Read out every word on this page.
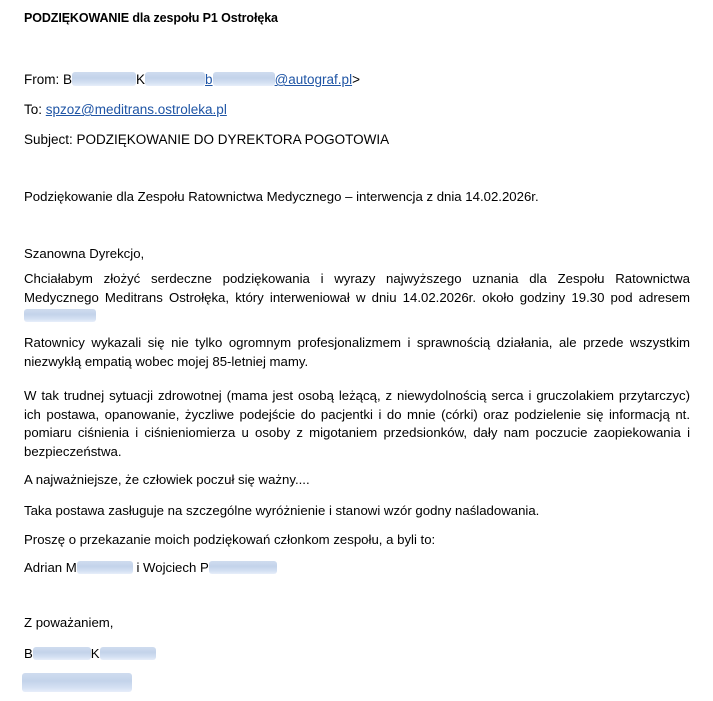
PODZIĘKOWANIE dla zespołu P1 Ostrołęka
From: B	K	b	@autograf.pl>
To: spzoz@meditrans.ostroleka.pl
Subject: PODZIĘKOWANIE DO DYREKTORA POGOTOWIA
Podziękowanie dla Zespołu Ratownictwa Medycznego – interwencja z dnia 14.02.2026r.
Szanowna Dyrekcjo,
Chciałabym złożyć serdeczne podziękowania i wyrazy najwyższego uznania dla Zespołu Ratownictwa Medycznego Meditrans Ostrołęka, który interweniował w dniu 14.02.2026r. około godziny 19.30 pod adresem
Ratownicy wykazali się nie tylko ogromnym profesjonalizmem i sprawnością działania, ale przede wszystkim niezwykłą empatią wobec mojej 85-letniej mamy.
W tak trudnej sytuacji zdrowotnej (mama jest osobą leżącą, z niewydolnością serca i gruczolakiem przytarczyc) ich postawa, opanowanie, życzliwe podejście do pacjentki i do mnie (córki) oraz podzielenie się informacją nt. pomiaru ciśnienia i ciśnieniomierza u osoby z migotaniem przedsionków, dały nam poczucie zaopiekowania i bezpieczeństwa.
A najważniejsze, że człowiek poczuł się ważny....
Taka postawa zasługuje na szczególne wyróżnienie i stanowi wzór godny naśladowania.
Proszę o przekazanie moich podziękowań członkom zespołu, a byli to:
Adrian M	i Wojciech P
Z poważaniem,
B	K
